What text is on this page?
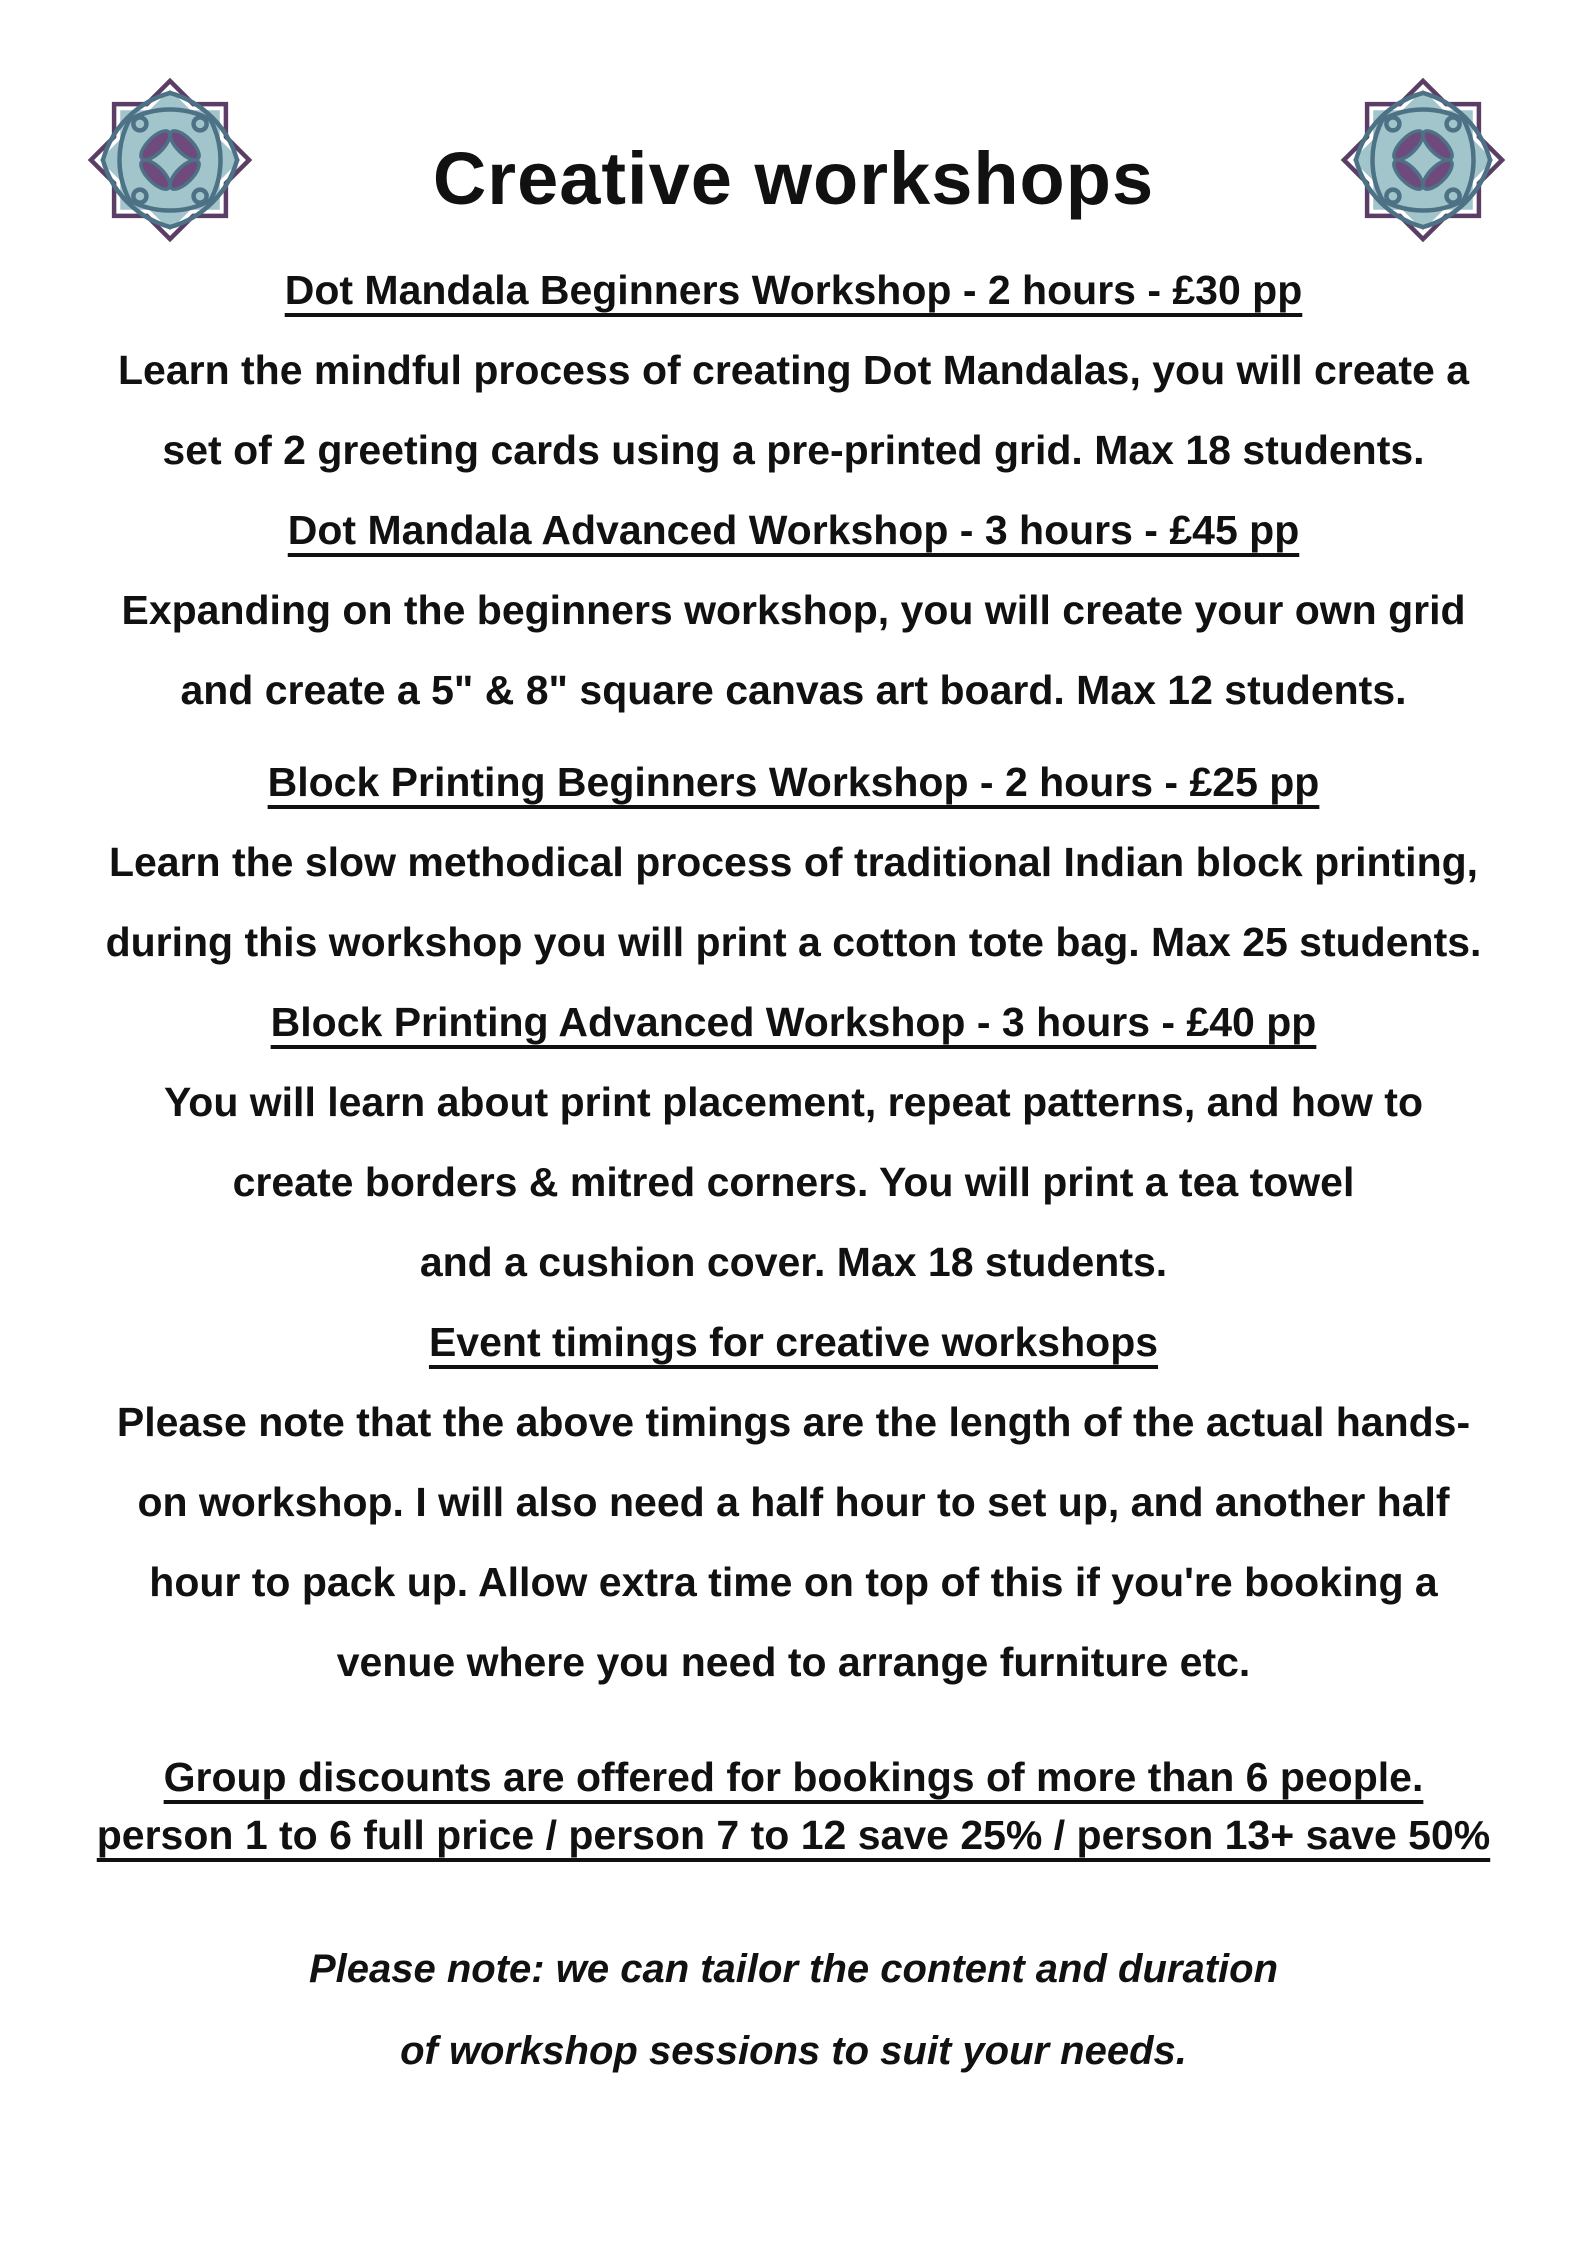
Creative workshops
Dot Mandala Beginners Workshop - 2 hours - £30 pp

Learn the mindful process of creating Dot Mandalas, you will create a

set of 2 greeting cards using a pre-printed grid. Max 18 students.

Dot Mandala Advanced Workshop - 3 hours - £45 pp

Expanding on the beginners workshop, you will create your own grid

and create a 5" & 8" square canvas art board. Max 12 students.

Block Printing Beginners Workshop - 2 hours - £25 pp

Learn the slow methodical process of traditional Indian block printing,

during this workshop you will print a cotton tote bag. Max 25 students.

Block Printing Advanced Workshop - 3 hours - £40 pp

You will learn about print placement, repeat patterns, and how to

create borders & mitred corners. You will print a tea towel

and a cushion cover. Max 18 students.

Event timings for creative workshops

Please note that the above timings are the length of the actual hands-

on workshop. I will also need a half hour to set up, and another half

hour to pack up. Allow extra time on top of this if you're booking a

venue where you need to arrange furniture etc.

Group discounts are offered for bookings of more than 6 people.

person 1 to 6 full price / person 7 to 12 save 25% / person 13+ save 50%

Please note: we can tailor the content and duration

of workshop sessions to suit your needs.
